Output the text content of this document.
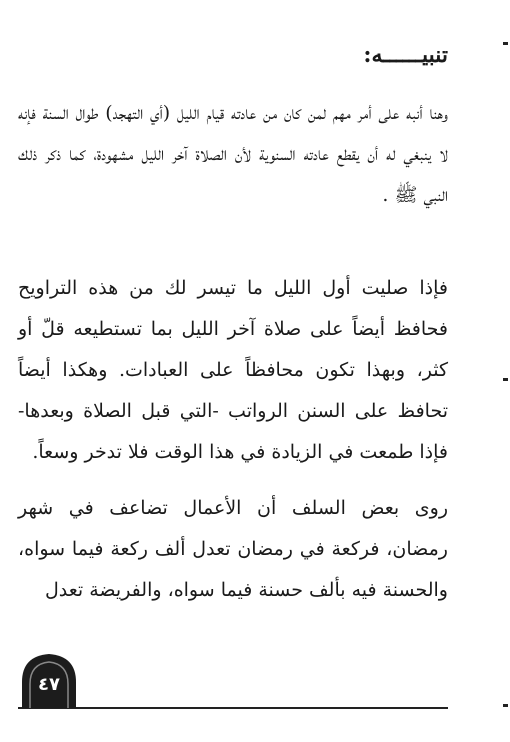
تنبيــــــه:
وهنا أنبه على أمر مهم لمن كان من عادته قيام الليل (أي التهجد) طوال السنة فإنه لا ينبغي له أن يقطع عادته السنوية لأن الصلاة آخر الليل مشهودة، كما ذكر ذلك النبي ﷺ .
فإذا صليت أول الليل ما تيسر لك من هذه التراويح فحافظ أيضاً على صلاة آخر الليل بما تستطيعه قلّ أو كثر، وبهذا تكون محافظاً على العبادات. وهكذا أيضاً تحافظ على السنن الرواتب -التي قبل الصلاة وبعدها- فإذا طمعت في الزيادة في هذا الوقت فلا تدخر وسعاً.
روى بعض السلف أن الأعمال تضاعف في شهر رمضان، فركعة في رمضان تعدل ألف ركعة فيما سواه، والحسنة فيه بألف حسنة فيما سواه، والفريضة تعدل
٤٧
